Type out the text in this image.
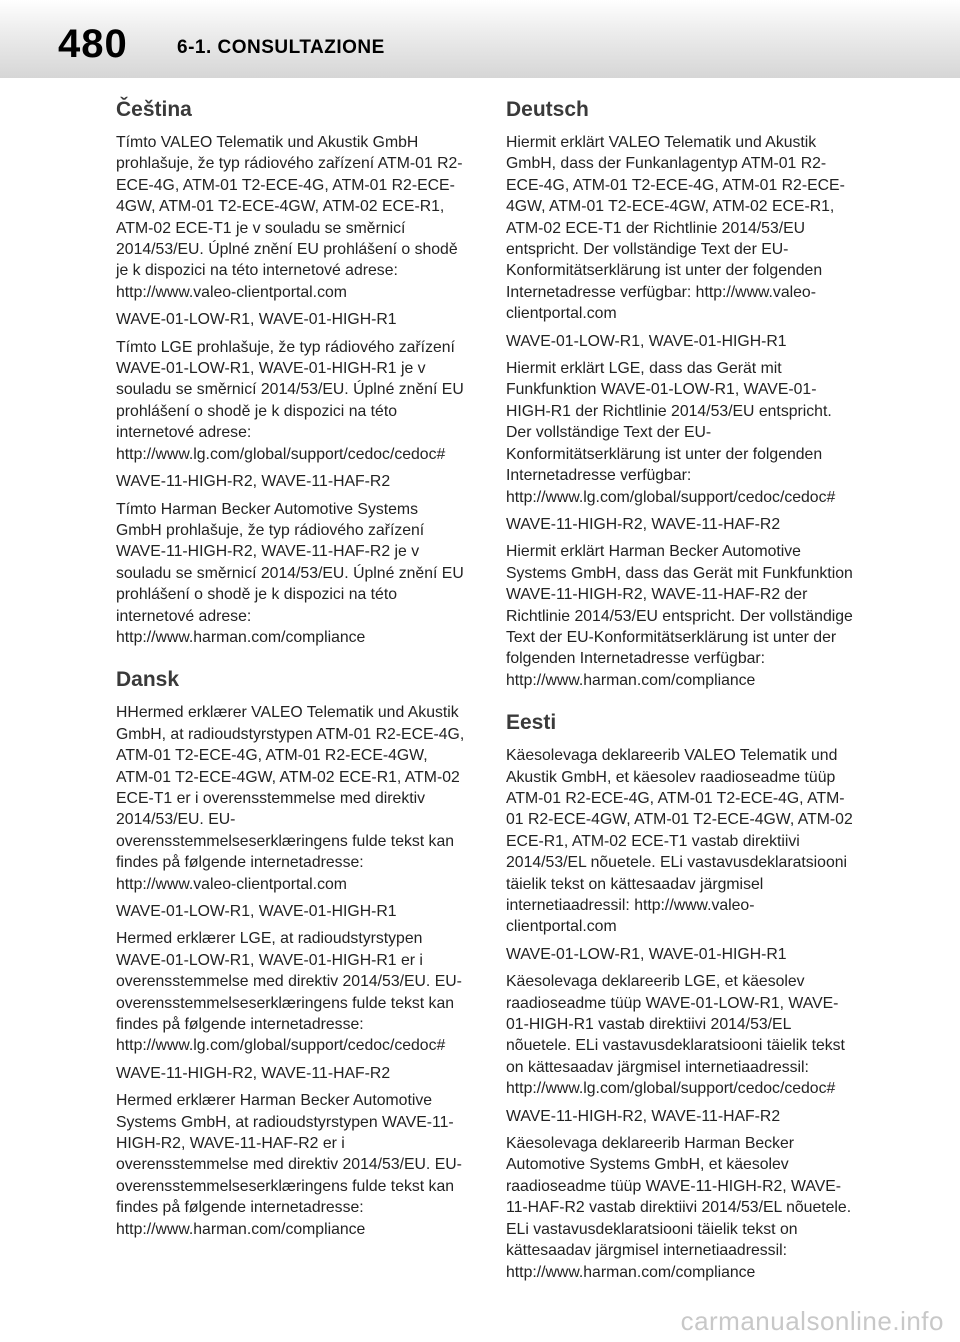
480	6-1. CONSULTAZIONE
Čeština

Tímto VALEO Telematik und Akustik GmbH prohlašuje, že typ rádiového zařízení ATM-01 R2-ECE-4G, ATM-01 T2-ECE-4G, ATM-01 R2-ECE-4GW, ATM-01 T2-ECE-4GW, ATM-02 ECE-R1, ATM-02 ECE-T1 je v souladu se směrnicí 2014/53/EU. Úplné znění EU prohlášení o shodě je k dispozici na této internetové adrese: http://www.valeo-clientportal.com

WAVE-01-LOW-R1, WAVE-01-HIGH-R1

Tímto LGE prohlašuje, že typ rádiového zařízení WAVE-01-LOW-R1, WAVE-01-HIGH-R1 je v souladu se směrnicí 2014/53/EU. Úplné znění EU prohlášení o shodě je k dispozici na této internetové adrese: http://www.lg.com/global/support/cedoc/cedoc#

WAVE-11-HIGH-R2, WAVE-11-HAF-R2

Tímto Harman Becker Automotive Systems GmbH prohlašuje, že typ rádiového zařízení WAVE-11-HIGH-R2, WAVE-11-HAF-R2 je v souladu se směrnicí 2014/53/EU. Úplné znění EU prohlášení o shodě je k dispozici na této internetové adrese: http://www.harman.com/compliance

Dansk

HHermed erklærer VALEO Telematik und Akustik GmbH, at radioudstyrstypen ATM-01 R2-ECE-4G, ATM-01 T2-ECE-4G, ATM-01 R2-ECE-4GW, ATM-01 T2-ECE-4GW, ATM-02 ECE-R1, ATM-02 ECE-T1 er i overensstemmelse med direktiv 2014/53/EU. EU-overensstemmelseserklæringens fulde tekst kan findes på følgende internetadresse: http://www.valeo-clientportal.com

WAVE-01-LOW-R1, WAVE-01-HIGH-R1

Hermed erklærer LGE, at radioudstyrstypen WAVE-01-LOW-R1, WAVE-01-HIGH-R1 er i overensstemmelse med direktiv 2014/53/EU. EU-overensstemmelseserklæringens fulde tekst kan findes på følgende internetadresse: http://www.lg.com/global/support/cedoc/cedoc#

WAVE-11-HIGH-R2, WAVE-11-HAF-R2

Hermed erklærer Harman Becker Automotive Systems GmbH, at radioudstyrstypen WAVE-11-HIGH-R2, WAVE-11-HAF-R2 er i overensstemmelse med direktiv 2014/53/EU. EU-overensstemmelseserklæringens fulde tekst kan findes på følgende internetadresse: http://www.harman.com/compliance

Deutsch

Hiermit erklärt VALEO Telematik und Akustik GmbH, dass der Funkanlagentyp ATM-01 R2-ECE-4G, ATM-01 T2-ECE-4G, ATM-01 R2-ECE-4GW, ATM-01 T2-ECE-4GW, ATM-02 ECE-R1, ATM-02 ECE-T1 der Richtlinie 2014/53/EU entspricht. Der vollständige Text der EU-Konformitätserklärung ist unter der folgenden Internetadresse verfügbar: http://www.valeo-clientportal.com

WAVE-01-LOW-R1, WAVE-01-HIGH-R1

Hiermit erklärt LGE, dass das Gerät mit Funkfunktion WAVE-01-LOW-R1, WAVE-01-HIGH-R1 der Richtlinie 2014/53/EU entspricht. Der vollständige Text der EU-Konformitätserklärung ist unter der folgenden Internetadresse verfügbar: http://www.lg.com/global/support/cedoc/cedoc#

WAVE-11-HIGH-R2, WAVE-11-HAF-R2

Hiermit erklärt Harman Becker Automotive Systems GmbH, dass das Gerät mit Funkfunktion WAVE-11-HIGH-R2, WAVE-11-HAF-R2 der Richtlinie 2014/53/EU entspricht. Der vollständige Text der EU-Konformitätserklärung ist unter der folgenden Internetadresse verfügbar: http://www.harman.com/compliance

Eesti

Käesolevaga deklareerib VALEO Telematik und Akustik GmbH, et käesolev raadioseadme tüüp ATM-01 R2-ECE-4G, ATM-01 T2-ECE-4G, ATM-01 R2-ECE-4GW, ATM-01 T2-ECE-4GW, ATM-02 ECE-R1, ATM-02 ECE-T1 vastab direktiivi 2014/53/EL nõuetele. ELi vastavusdeklaratsiooni täielik tekst on kättesaadav järgmisel internetiaadressil: http://www.valeo-clientportal.com

WAVE-01-LOW-R1, WAVE-01-HIGH-R1

Käesolevaga deklareerib LGE, et käesolev raadioseadme tüüp WAVE-01-LOW-R1, WAVE-01-HIGH-R1 vastab direktiivi 2014/53/EL nõuetele. ELi vastavusdeklaratsiooni täielik tekst on kättesaadav järgmisel internetiaadressil: http://www.lg.com/global/support/cedoc/cedoc#

WAVE-11-HIGH-R2, WAVE-11-HAF-R2

Käesolevaga deklareerib Harman Becker Automotive Systems GmbH, et käesolev raadioseadme tüüp WAVE-11-HIGH-R2, WAVE-11-HAF-R2 vastab direktiivi 2014/53/EL nõuetele. ELi vastavusdeklaratsiooni täielik tekst on kättesaadav järgmisel internetiaadressil: http://www.harman.com/compliance

carmanualsonline.info
